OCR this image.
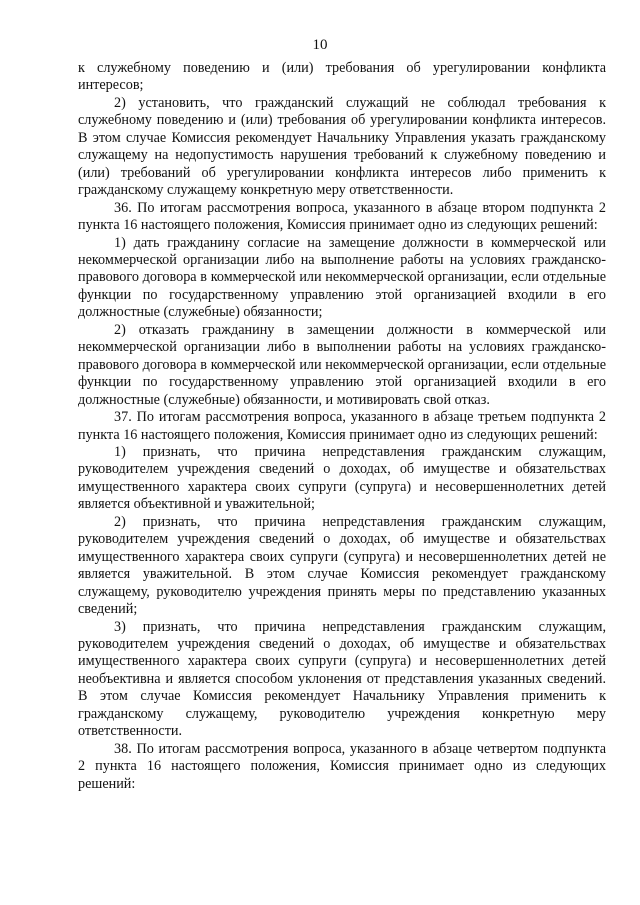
10

к служебному поведению и (или) требования об урегулировании конфликта интересов;

2) установить, что гражданский служащий не соблюдал требования к служебному поведению и (или) требования об урегулировании конфликта интересов. В этом случае Комиссия рекомендует Начальнику Управления указать гражданскому служащему на недопустимость нарушения требований к служебному поведению и (или) требований об урегулировании конфликта интересов либо применить к гражданскому служащему конкретную меру ответственности.

36. По итогам рассмотрения вопроса, указанного в абзаце втором подпункта 2 пункта 16 настоящего положения, Комиссия принимает одно из следующих решений:

1) дать гражданину согласие на замещение должности в коммерческой или некоммерческой организации либо на выполнение работы на условиях гражданско-правового договора в коммерческой или некоммерческой организации, если отдельные функции по государственному управлению этой организацией входили в его должностные (служебные) обязанности;

2) отказать гражданину в замещении должности в коммерческой или некоммерческой организации либо в выполнении работы на условиях гражданско-правового договора в коммерческой или некоммерческой организации, если отдельные функции по государственному управлению этой организацией входили в его должностные (служебные) обязанности, и мотивировать свой отказ.

37. По итогам рассмотрения вопроса, указанного в абзаце третьем подпункта 2 пункта 16 настоящего положения, Комиссия принимает одно из следующих решений:

1) признать, что причина непредставления гражданским служащим, руководителем учреждения сведений о доходах, об имуществе и обязательствах имущественного характера своих супруги (супруга) и несовершеннолетних детей является объективной и уважительной;

2) признать, что причина непредставления гражданским служащим, руководителем учреждения сведений о доходах, об имуществе и обязательствах имущественного характера своих супруги (супруга) и несовершеннолетних детей не является уважительной. В этом случае Комиссия рекомендует гражданскому служащему, руководителю учреждения принять меры по представлению указанных сведений;

3) признать, что причина непредставления гражданским служащим, руководителем учреждения сведений о доходах, об имуществе и обязательствах имущественного характера своих супруги (супруга) и несовершеннолетних детей необъективна и является способом уклонения от представления указанных сведений. В этом случае Комиссия рекомендует Начальнику Управления применить к гражданскому служащему, руководителю учреждения конкретную меру ответственности.

38. По итогам рассмотрения вопроса, указанного в абзаце четвертом подпункта 2 пункта 16 настоящего положения, Комиссия принимает одно из следующих решений:
